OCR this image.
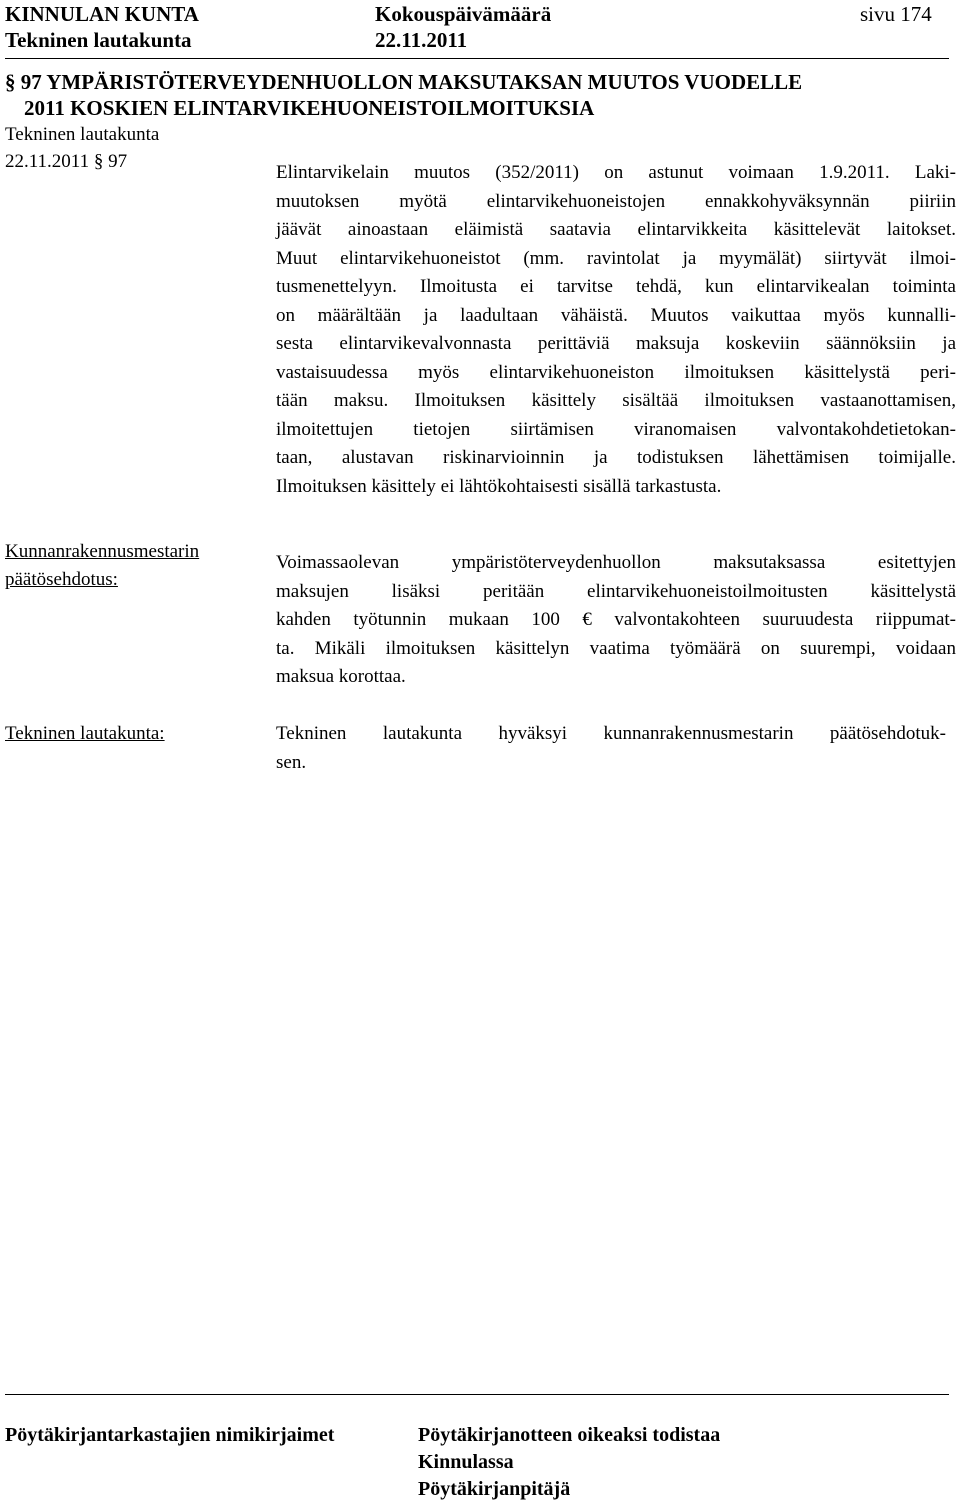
KINNULAN KUNTA	Kokouspäivämäärä	sivu 174
Tekninen lautakunta	22.11.2011
§ 97 YMPÄRISTÖTERVEYDENHUOLLON MAKSUTAKSAN MUUTOS VUODELLE
2011 KOSKIEN ELINTARVIKEHUONEISTOILMOITUKSIA
Tekninen lautakunta
22.11.2011 § 97
Elintarvikelain muutos (352/2011) on astunut voimaan 1.9.2011. Laki-
muutoksen myötä elintarvikehuoneistojen ennakkohyväksynnän piiriin
jäävät ainoastaan eläimistä saatavia elintarvikkeita käsittelevät laitokset.
Muut elintarvikehuoneistot (mm. ravintolat ja myymälät) siirtyvät ilmoi-
tusmenettelyyn. Ilmoitusta ei tarvitse tehdä, kun elintarvikealan toiminta
on määrältään ja laadultaan vähäistä. Muutos vaikuttaa myös kunnalli-
sesta elintarvikevalvonnasta perittäviä maksuja koskeviin säännöksiin ja
vastaisuudessa myös elintarvikehuoneiston ilmoituksen käsittelystä peri-
tään maksu. Ilmoituksen käsittely sisältää ilmoituksen vastaanottamisen,
ilmoitettujen tietojen siirtämisen viranomaisen valvontakohdetietokan-
taan, alustavan riskinarvioinnin ja todistuksen lähettämisen toimijalle.
Ilmoituksen käsittely ei lähtökohtaisesti sisällä tarkastusta.
Kunnanrakennusmestarin
päätösehdotus:
Voimassaolevan ympäristöterveydenhuollon maksutaksassa esitettyjen
maksujen lisäksi peritään elintarvikehuoneistoilmoitusten käsittelystä
kahden työtunnin mukaan 100 € valvontakohteen suuruudesta riippumat-
ta. Mikäli ilmoituksen käsittelyn vaatima työmäärä on suurempi, voidaan
maksua korottaa.
Tekninen lautakunta:	Tekninen lautakunta hyväksyi kunnanrakennusmestarin päätösehdotuk-
sen.
Pöytäkirjantarkastajien nimikirjaimet	Pöytäkirjanotteen oikeaksi todistaa
Kinnulassa
Pöytäkirjanpitäjä
